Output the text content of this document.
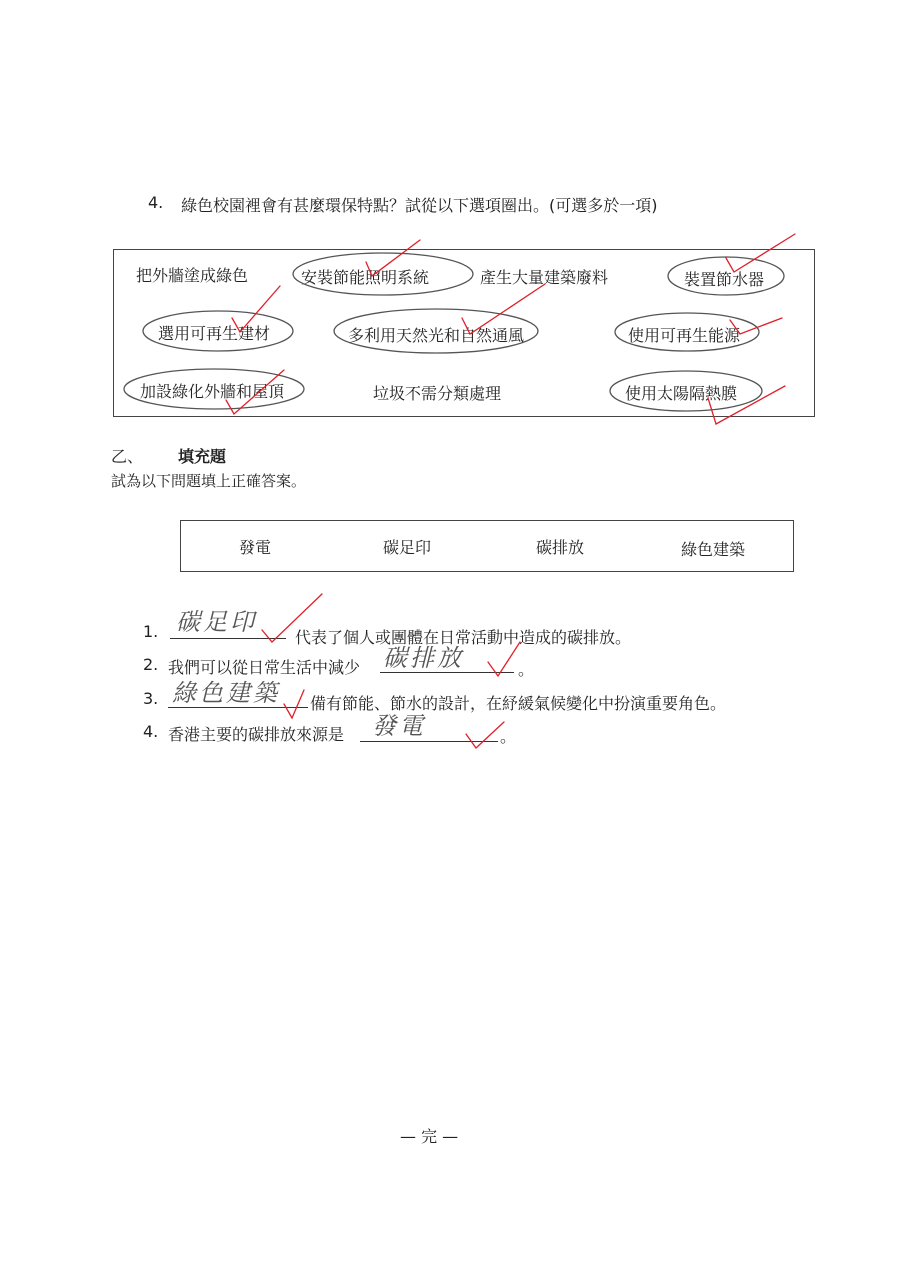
4. 綠色校園裡會有甚麼環保特點？試從以下選項圈出。(可選多於一項)
把外牆塗成綠色	安裝節能照明系統	產生大量建築廢料	裝置節水器
選用可再生建材	多利用天然光和自然通風	使用可再生能源
加設綠化外牆和屋頂	垃圾不需分類處理	使用太陽隔熱膜
乙、 填充題
試為以下問題填上正確答案。
發電	碳足印	碳排放	綠色建築
1. 碳足印
代表了個人或團體在日常活動中造成的碳排放。
2. 我們可以從日常生活中減少 碳排放	。
3. 綠色建築 備有節能、節水的設計，在紓緩氣候變化中扮演重要角色。
4. 香港主要的碳排放來源是 發電	。
— 完 —
